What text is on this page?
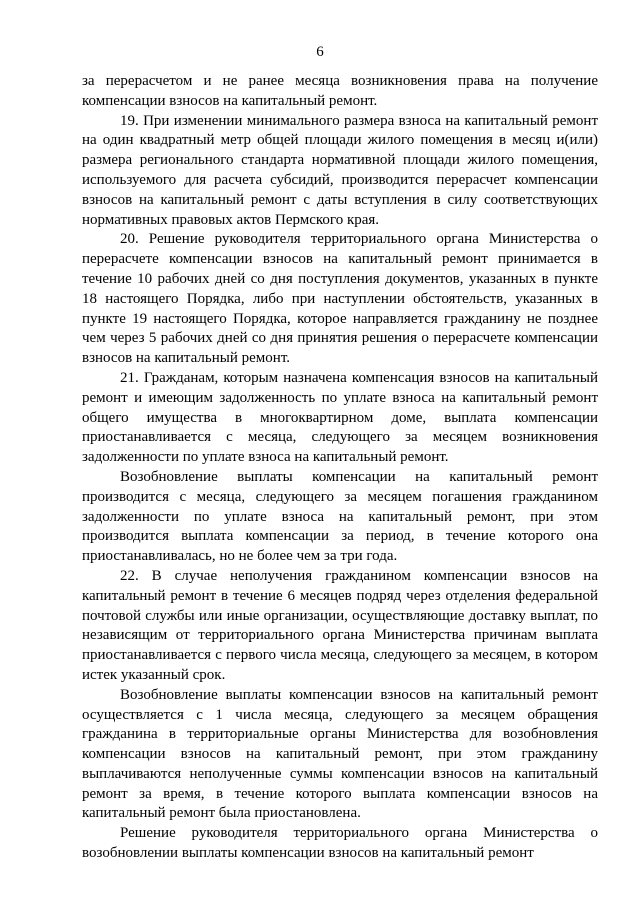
6

за перерасчетом и не ранее месяца возникновения права на получение компенсации взносов на капитальный ремонт.

19. При изменении минимального размера взноса на капитальный ремонт на один квадратный метр общей площади жилого помещения в месяц и(или) размера регионального стандарта нормативной площади жилого помещения, используемого для расчета субсидий, производится перерасчет компенсации взносов на капитальный ремонт с даты вступления в силу соответствующих нормативных правовых актов Пермского края.

20. Решение руководителя территориального органа Министерства о перерасчете компенсации взносов на капитальный ремонт принимается в течение 10 рабочих дней со дня поступления документов, указанных в пункте 18 настоящего Порядка, либо при наступлении обстоятельств, указанных в пункте 19 настоящего Порядка, которое направляется гражданину не позднее чем через 5 рабочих дней со дня принятия решения о перерасчете компенсации взносов на капитальный ремонт.

21. Гражданам, которым назначена компенсация взносов на капитальный ремонт и имеющим задолженность по уплате взноса на капитальный ремонт общего имущества в многоквартирном доме, выплата компенсации приостанавливается с месяца, следующего за месяцем возникновения задолженности по уплате взноса на капитальный ремонт.

Возобновление выплаты компенсации на капитальный ремонт производится с месяца, следующего за месяцем погашения гражданином задолженности по уплате взноса на капитальный ремонт, при этом производится выплата компенсации за период, в течение которого она приостанавливалась, но не более чем за три года.

22. В случае неполучения гражданином компенсации взносов на капитальный ремонт в течение 6 месяцев подряд через отделения федеральной почтовой службы или иные организации, осуществляющие доставку выплат, по независящим от территориального органа Министерства причинам выплата приостанавливается с первого числа месяца, следующего за месяцем, в котором истек указанный срок.

Возобновление выплаты компенсации взносов на капитальный ремонт осуществляется с 1 числа месяца, следующего за месяцем обращения гражданина в территориальные органы Министерства для возобновления компенсации взносов на капитальный ремонт, при этом гражданину выплачиваются неполученные суммы компенсации взносов на капитальный ремонт за время, в течение которого выплата компенсации взносов на капитальный ремонт была приостановлена.

Решение руководителя территориального органа Министерства о возобновлении выплаты компенсации взносов на капитальный ремонт
